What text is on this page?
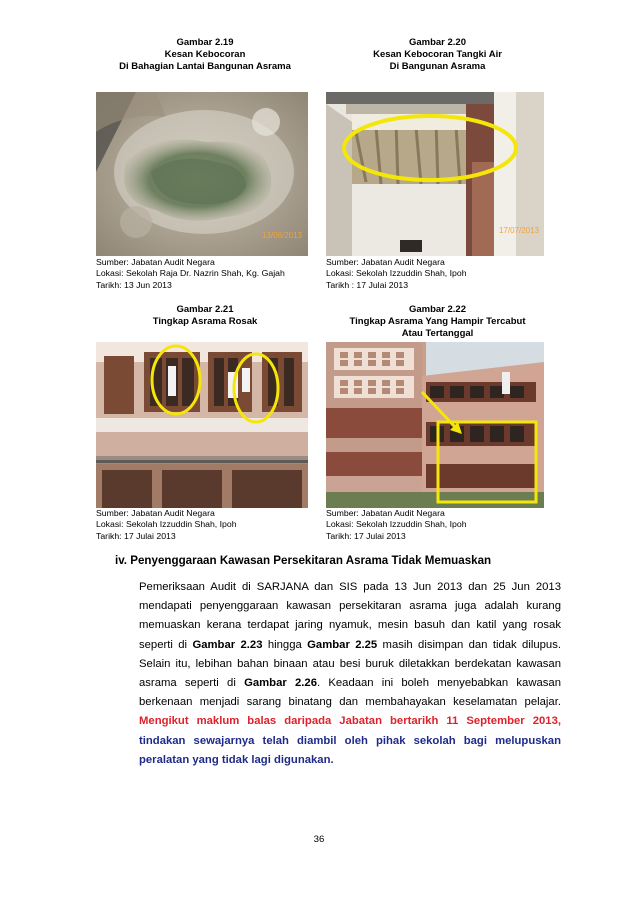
Gambar 2.19
Kesan Kebocoran
Di Bahagian Lantai Bangunan Asrama
13/06/2013
Sumber: Jabatan Audit Negara
Lokasi: Sekolah Raja Dr. Nazrin Shah, Kg. Gajah
Tarikh: 13 Jun 2013
Gambar 2.20
Kesan Kebocoran Tangki Air
Di Bangunan Asrama
17/07/2013
Sumber: Jabatan Audit Negara
Lokasi: Sekolah Izzuddin Shah, Ipoh
Tarikh : 17 Julai 2013
Gambar 2.21
Tingkap Asrama Rosak
Sumber: Jabatan Audit Negara
Lokasi: Sekolah Izzuddin Shah, Ipoh
Tarikh: 17 Julai 2013
Gambar 2.22
Tingkap Asrama Yang Hampir Tercabut
Atau Tertanggal
Sumber: Jabatan Audit Negara
Lokasi: Sekolah Izzuddin Shah, Ipoh
Tarikh: 17 Julai 2013
iv. Penyenggaraan Kawasan Persekitaran Asrama Tidak Memuaskan
Pemeriksaan Audit di SARJANA dan SIS pada 13 Jun 2013 dan 25 Jun 2013
mendapati penyenggaraan kawasan persekitaran asrama juga adalah kurang
memuaskan kerana terdapat jaring nyamuk, mesin basuh dan katil yang rosak
seperti di Gambar 2.23 hingga Gambar 2.25 masih disimpan dan tidak dilupus.
Selain itu, lebihan bahan binaan atau besi buruk diletakkan berdekatan kawasan
asrama seperti di Gambar 2.26. Keadaan ini boleh menyebabkan kawasan
berkenaan menjadi sarang binatang dan membahayakan keselamatan pelajar.
Mengikut maklum balas daripada Jabatan bertarikh 11 September 2013,
tindakan sewajarnya telah diambil oleh pihak sekolah bagi melupuskan
peralatan yang tidak lagi digunakan.
36
